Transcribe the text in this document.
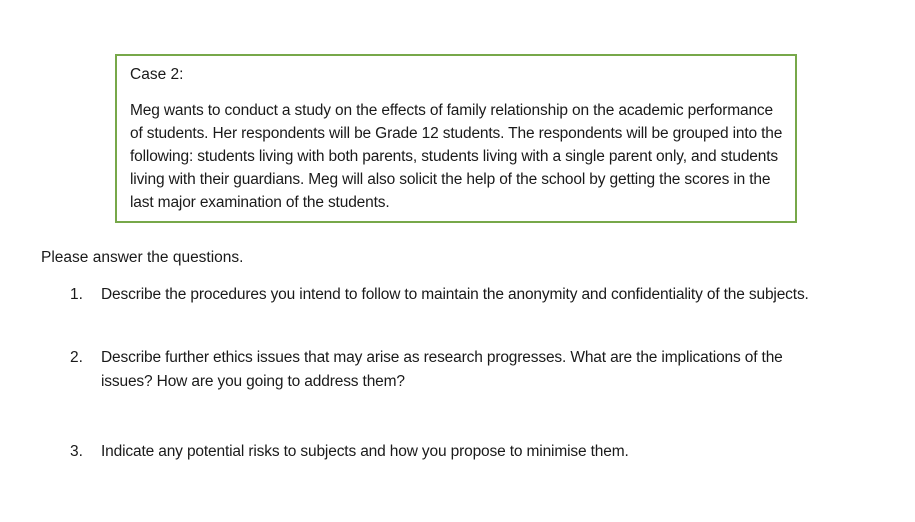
Case 2:

Meg wants to conduct a study on the effects of family relationship on the academic performance of students. Her respondents will be Grade 12 students. The respondents will be grouped into the following: students living with both parents, students living with a single parent only, and students living with their guardians. Meg will also solicit the help of the school by getting the scores in the last major examination of the students.

Please answer the questions.

1. Describe the procedures you intend to follow to maintain the anonymity and confidentiality of the subjects.
2. Describe further ethics issues that may arise as research progresses. What are the implications of the issues? How are you going to address them?
3. Indicate any potential risks to subjects and how you propose to minimise them.
